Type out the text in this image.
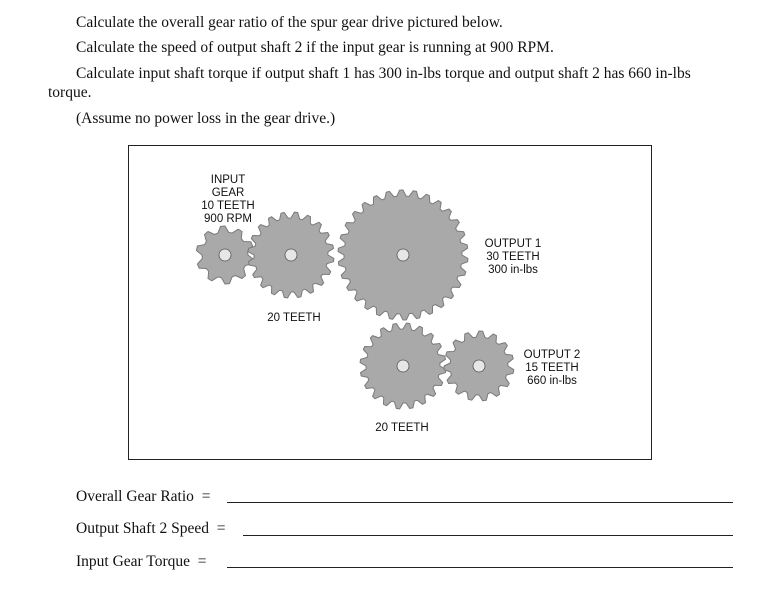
Calculate the overall gear ratio of the spur gear drive pictured below.
Calculate the speed of output shaft 2 if the input gear is running at 900 RPM.
Calculate input shaft torque if output shaft 1 has 300 in-lbs torque and output shaft 2 has 660 in-lbs
torque.
(Assume no power loss in the gear drive.)
INPUT
GEAR
10 TEETH
900 RPM
20 TEETH
OUTPUT 1
30 TEETH
300 in-lbs
20 TEETH
OUTPUT 2
15 TEETH
660 in-lbs
Overall Gear Ratio =
Output Shaft 2 Speed =
Input Gear Torque =
